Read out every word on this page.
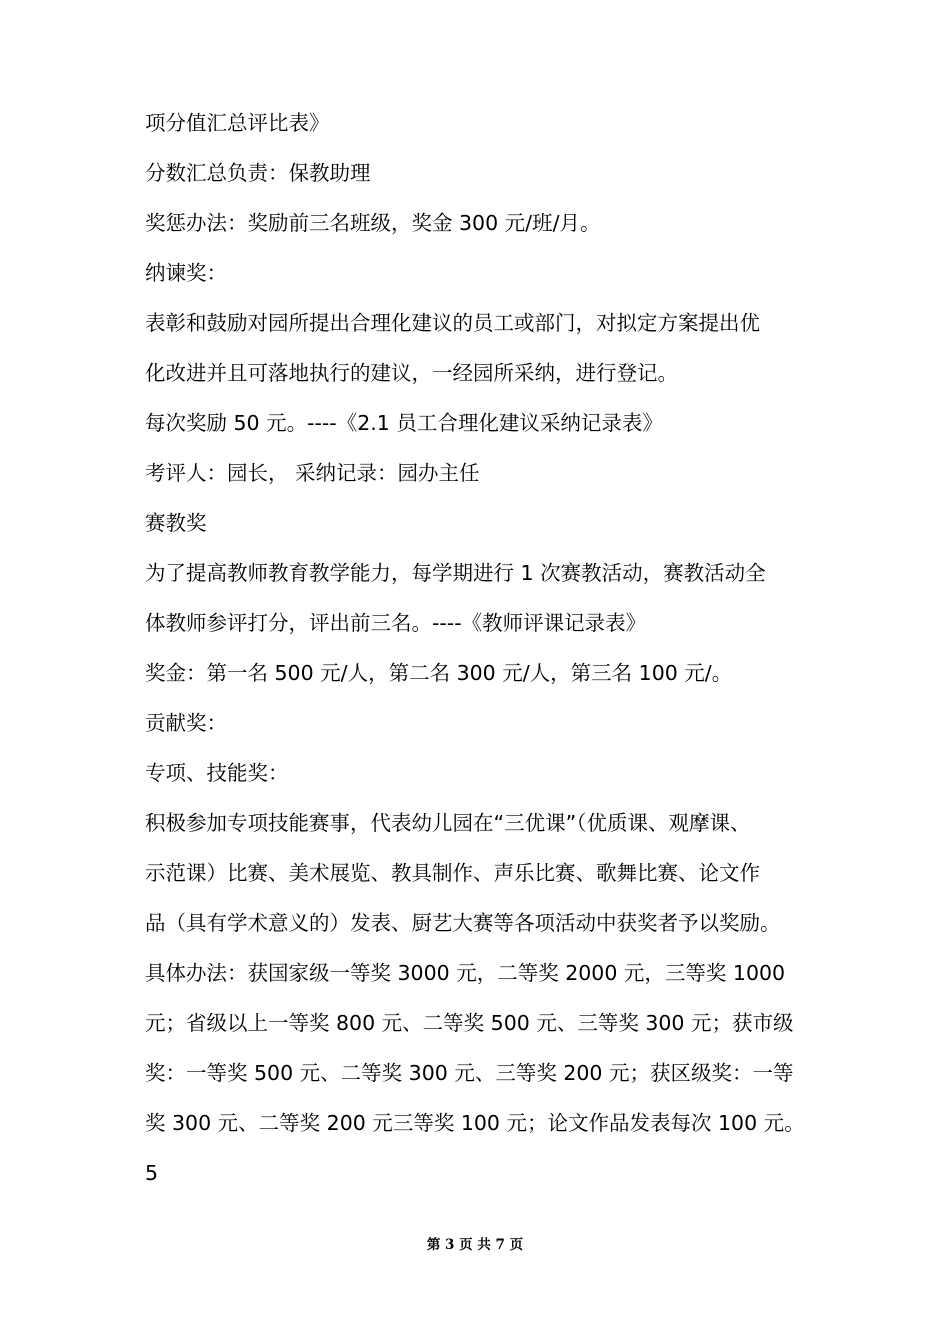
项分值汇总评比表》
分数汇总负责：保教助理
奖惩办法：奖励前三名班级，奖金 300 元/班/月。
纳谏奖：
表彰和鼓励对园所提出合理化建议的员工或部门，对拟定方案提出优
化改进并且可落地执行的建议，一经园所采纳，进行登记。
每次奖励 50 元。----《2.1 员工合理化建议采纳记录表》
考评人：园长， 采纳记录：园办主任
赛教奖
为了提高教师教育教学能力，每学期进行 1 次赛教活动，赛教活动全
体教师参评打分，评出前三名。----《教师评课记录表》
奖金：第一名 500 元/人，第二名 300 元/人，第三名 100 元/。
贡献奖：
专项、技能奖：
积极参加专项技能赛事，代表幼儿园在“三优课”（优质课、观摩课、
示范课）比赛、美术展览、教具制作、声乐比赛、歌舞比赛、论文作
品（具有学术意义的）发表、厨艺大赛等各项活动中获奖者予以奖励。
具体办法：获国家级一等奖 3000 元，二等奖 2000 元，三等奖 1000
元；省级以上一等奖 800 元、二等奖 500 元、三等奖 300 元；获市级
奖：一等奖 500 元、二等奖 300 元、三等奖 200 元；获区级奖：一等
奖 300 元、二等奖 200 元三等奖 100 元；论文作品发表每次 100 元。
5
第 3 页 共 7 页
